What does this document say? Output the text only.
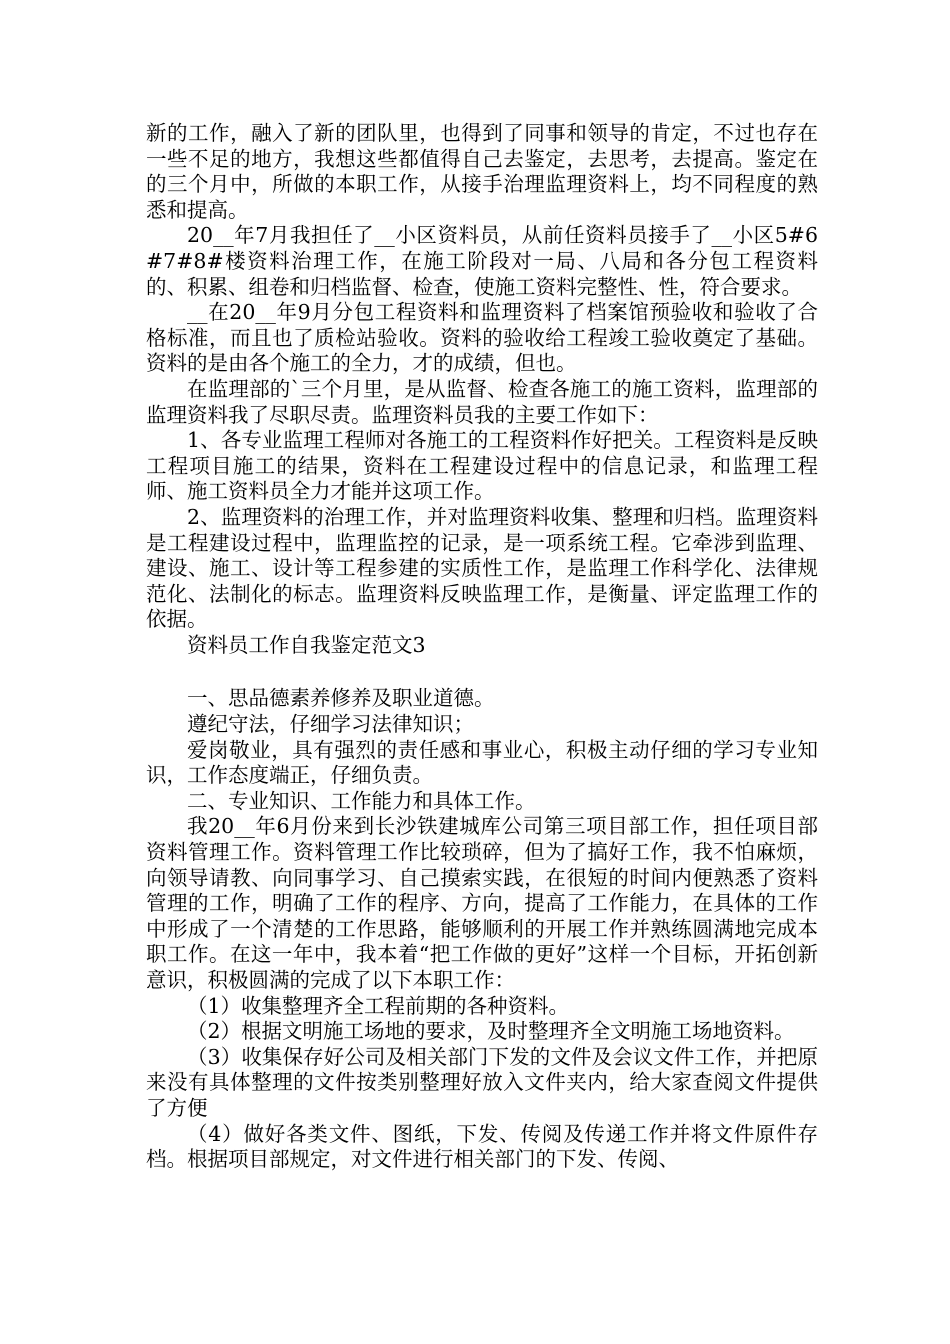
新的工作，融入了新的团队里，也得到了同事和领导的肯定，不过也存在一些不足的地方，我想这些都值得自己去鉴定，去思考，去提高。鉴定在的三个月中，所做的本职工作，从接手治理监理资料上，均不同程度的熟悉和提高。

20__年7月我担任了__小区资料员，从前任资料员接手了__小区5#6#7#8#楼资料治理工作，在施工阶段对一局、八局和各分包工程资料的、积累、组卷和归档监督、检查，使施工资料完整性、性，符合要求。

__在20__年9月分包工程资料和监理资料了档案馆预验收和验收了合格标准，而且也了质检站验收。资料的验收给工程竣工验收奠定了基础。资料的是由各个施工的全力，才的成绩，但也。

在监理部的`三个月里，是从监督、检查各施工的施工资料，监理部的监理资料我了尽职尽责。监理资料员我的主要工作如下：

1、各专业监理工程师对各施工的工程资料作好把关。工程资料是反映工程项目施工的结果，资料在工程建设过程中的信息记录，和监理工程师、施工资料员全力才能并这项工作。

2、监理资料的治理工作，并对监理资料收集、整理和归档。监理资料是工程建设过程中，监理监控的记录，是一项系统工程。它牵涉到监理、建设、施工、设计等工程参建的实质性工作，是监理工作科学化、法律规范化、法制化的标志。监理资料反映监理工作，是衡量、评定监理工作的依据。

资料员工作自我鉴定范文3

一、思品德素养修养及职业道德。

遵纪守法，仔细学习法律知识；

爱岗敬业，具有强烈的责任感和事业心，积极主动仔细的学习专业知识，工作态度端正，仔细负责。

二、专业知识、工作能力和具体工作。

我20__年6月份来到长沙铁建城库公司第三项目部工作，担任项目部资料管理工作。资料管理工作比较琐碎，但为了搞好工作，我不怕麻烦，向领导请教、向同事学习、自己摸索实践，在很短的时间内便熟悉了资料管理的工作，明确了工作的程序、方向，提高了工作能力，在具体的工作中形成了一个清楚的工作思路，能够顺利的开展工作并熟练圆满地完成本职工作。在这一年中，我本着“把工作做的更好”这样一个目标，开拓创新意识，积极圆满的完成了以下本职工作：

（1）收集整理齐全工程前期的各种资料。

（2）根据文明施工场地的要求，及时整理齐全文明施工场地资料。

（3）收集保存好公司及相关部门下发的文件及会议文件工作，并把原来没有具体整理的文件按类别整理好放入文件夹内，给大家查阅文件提供了方便

（4）做好各类文件、图纸，下发、传阅及传递工作并将文件原件存档。根据项目部规定，对文件进行相关部门的下发、传阅、
